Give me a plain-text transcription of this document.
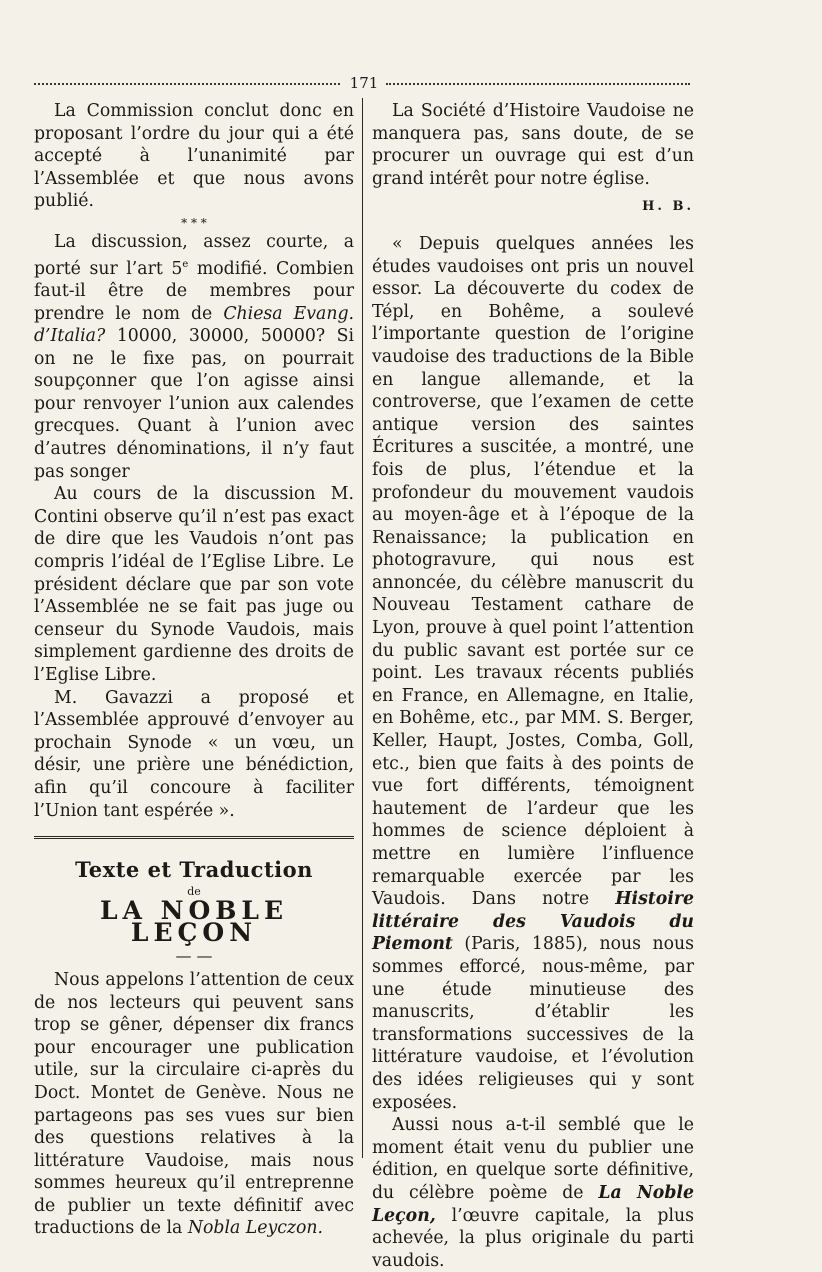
171

La Commission conclut donc en proposant l’ordre du jour qui a été accepté à l’unanimité par l’Assemblée et que nous avons publié.

* * *

La discussion, assez courte, a porté sur l’art 5e modifié. Combien faut-il être de membres pour prendre le nom de Chiesa Evang. d’Italia? 10000, 30000, 50000? Si on ne le fixe pas, on pourrait soupçonner que l’on agisse ainsi pour renvoyer l’union aux calendes grecques. Quant à l’union avec d’autres dénominations, il n’y faut pas songer

Au cours de la discussion M. Contini observe qu’il n’est pas exact de dire que les Vaudois n’ont pas compris l’idéal de l’Eglise Libre. Le président déclare que par son vote l’Assemblée ne se fait pas juge ou censeur du Synode Vaudois, mais simplement gardienne des droits de l’Eglise Libre.

M. Gavazzi a proposé et l’Assemblée approuvé d’envoyer au prochain Synode « un vœu, un désir, une prière une bénédiction, afin qu’il concoure à faciliter l’Union tant espérée ».

Texte et Traduction
de
LA NOBLE LEÇON
— —

Nous appelons l’attention de ceux de nos lecteurs qui peuvent sans trop se gêner, dépenser dix francs pour encourager une publication utile, sur la circulaire ci-après du Doct. Montet de Genève. Nous ne partageons pas ses vues sur bien des questions relatives à la littérature Vaudoise, mais nous sommes heureux qu’il entreprenne de publier un texte définitif avec traductions de la Nobla Leyczon.

La Société d’Histoire Vaudoise ne manquera pas, sans doute, de se procurer un ouvrage qui est d’un grand intérêt pour notre église.

H. B.

« Depuis quelques années les études vaudoises ont pris un nouvel essor. La découverte du codex de Tépl, en Bohême, a soulevé l’importante question de l’origine vaudoise des traductions de la Bible en langue allemande, et la controverse, que l’examen de cette antique version des saintes Écritures a suscitée, a montré, une fois de plus, l’étendue et la profondeur du mouvement vaudois au moyen-âge et à l’époque de la Renaissance; la publication en photogravure, qui nous est annoncée, du célèbre manuscrit du Nouveau Testament cathare de Lyon, prouve à quel point l’attention du public savant est portée sur ce point. Les travaux récents publiés en France, en Allemagne, en Italie, en Bohême, etc., par MM. S. Berger, Keller, Haupt, Jostes, Comba, Goll, etc., bien que faits à des points de vue fort différents, témoignent hautement de l’ardeur que les hommes de science déploient à mettre en lumière l’influence remarquable exercée par les Vaudois. Dans notre Histoire littéraire des Vaudois du Piemont (Paris, 1885), nous nous sommes efforcé, nous-même, par une étude minutieuse des manuscrits, d’établir les transformations successives de la littérature vaudoise, et l’évolution des idées religieuses qui y sont exposées.

Aussi nous a-t-il semblé que le moment était venu du publier une édition, en quelque sorte définitive, du célèbre poème de La Noble Leçon, l’œuvre capitale, la plus achevée, la plus originale du parti vaudois.
